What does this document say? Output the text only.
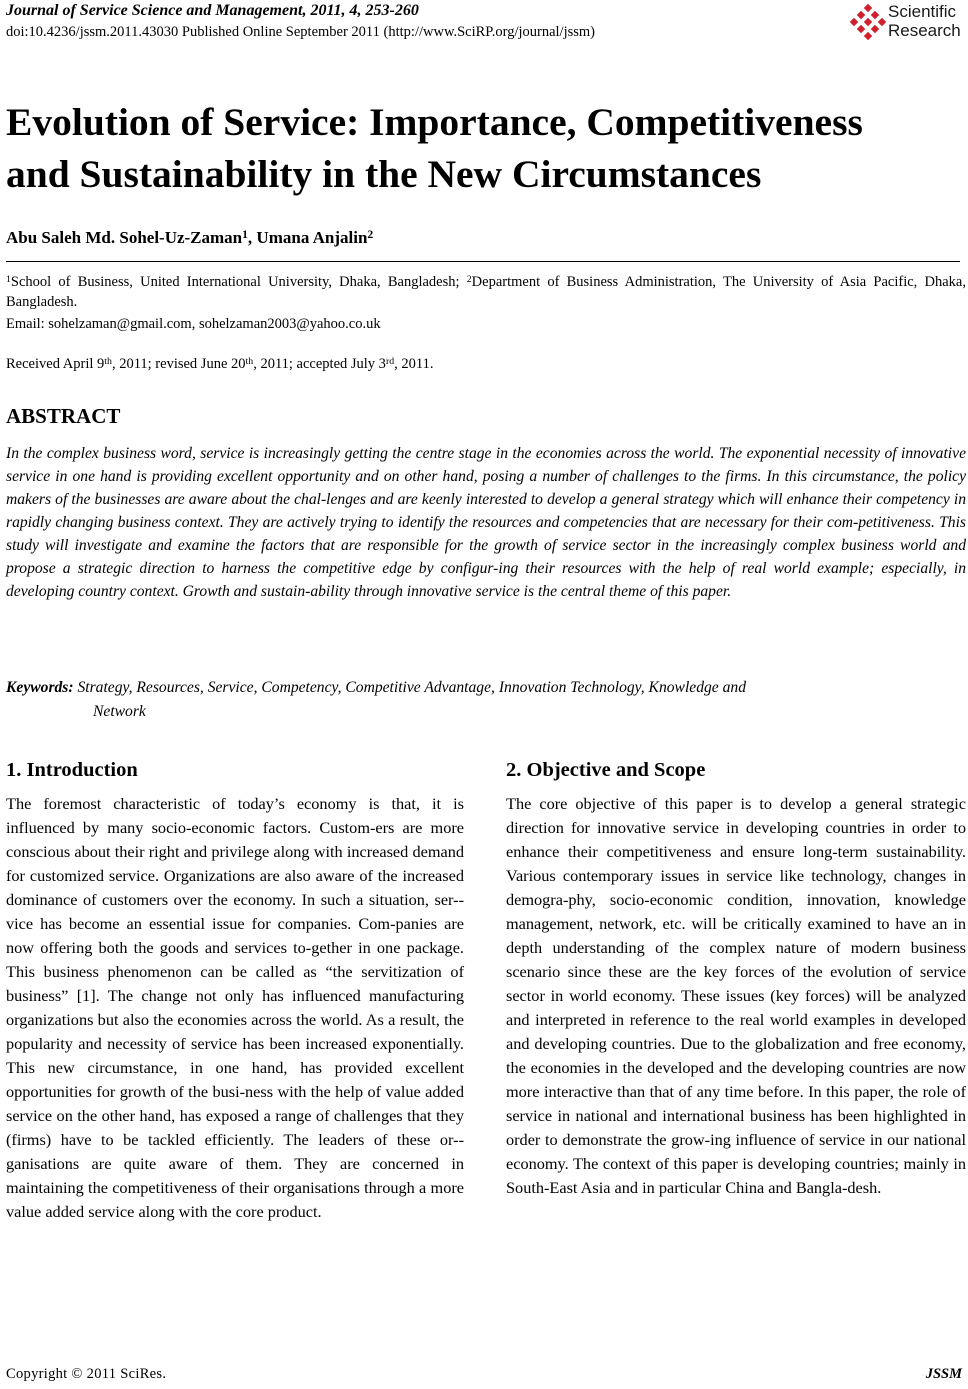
Journal of Service Science and Management, 2011, 4, 253-260
doi:10.4236/jssm.2011.43030 Published Online September 2011 (http://www.SciRP.org/journal/jssm)
Scientific
Research
Evolution of Service: Importance, Competitiveness
and Sustainability in the New Circumstances
Abu Saleh Md. Sohel-Uz-Zaman$^1$, Umana Anjalin$^2$
$^1$School of Business, United International University, Dhaka, Bangladesh; $^2$Department of Business Administration, The University of Asia Pacific, Dhaka, Bangladesh.
Email: sohelzaman@gmail.com, sohelzaman2003@yahoo.co.uk
Received April 9th, 2011; revised June 20th, 2011; accepted July 3rd, 2011.
ABSTRACT

In the complex business word, service is increasingly getting the centre stage in the economies across the world. The exponential necessity of innovative service in one hand is providing excellent opportunity and on other hand, posing a number of challenges to the firms. In this circumstance, the policy makers of the businesses are aware about the chal-lenges and are keenly interested to develop a general strategy which will enhance their competency in rapidly changing business context. They are actively trying to identify the resources and competencies that are necessary for their com-petitiveness. This study will investigate and examine the factors that are responsible for the growth of service sector in the increasingly complex business world and propose a strategic direction to harness the competitive edge by configur-ing their resources with the help of real world example; especially, in developing country context. Growth and sustain-ability through innovative service is the central theme of this paper.

Keywords: Strategy, Resources, Service, Competency, Competitive Advantage, Innovation Technology, Knowledge and
Network

1. Introduction

The foremost characteristic of today’s economy is that, it is influenced by many socio-economic factors. Custom-ers are more conscious about their right and privilege along with increased demand for customized service. Organizations are also aware of the increased dominance of customers over the economy. In such a situation, ser-vice has become an essential issue for companies. Com-panies are now offering both the goods and services to-gether in one package. This business phenomenon can be called as “the servitization of business” [1]. The change not only has influenced manufacturing organizations but also the economies across the world. As a result, the popularity and necessity of service has been increased exponentially. This new circumstance, in one hand, has provided excellent opportunities for growth of the busi-ness with the help of value added service on the other hand, has exposed a range of challenges that they (firms) have to be tackled efficiently. The leaders of these or-ganisations are quite aware of them. They are concerned in maintaining the competitiveness of their organisations through a more value added service along with the core product.

2. Objective and Scope

The core objective of this paper is to develop a general strategic direction for innovative service in developing countries in order to enhance their competitiveness and ensure long-term sustainability. Various contemporary issues in service like technology, changes in demogra-phy, socio-economic condition, innovation, knowledge management, network, etc. will be critically examined to have an in depth understanding of the complex nature of modern business scenario since these are the key forces of the evolution of service sector in world economy. These issues (key forces) will be analyzed and interpreted in reference to the real world examples in developed and developing countries. Due to the globalization and free economy, the economies in the developed and the developing countries are now more interactive than that of any time before. In this paper, the role of service in national and international business has been highlighted in order to demonstrate the grow-ing influence of service in our national economy. The context of this paper is developing countries; mainly in South-East Asia and in particular China and Bangla-desh.

Copyright © 2011 SciRes.	JSSM
